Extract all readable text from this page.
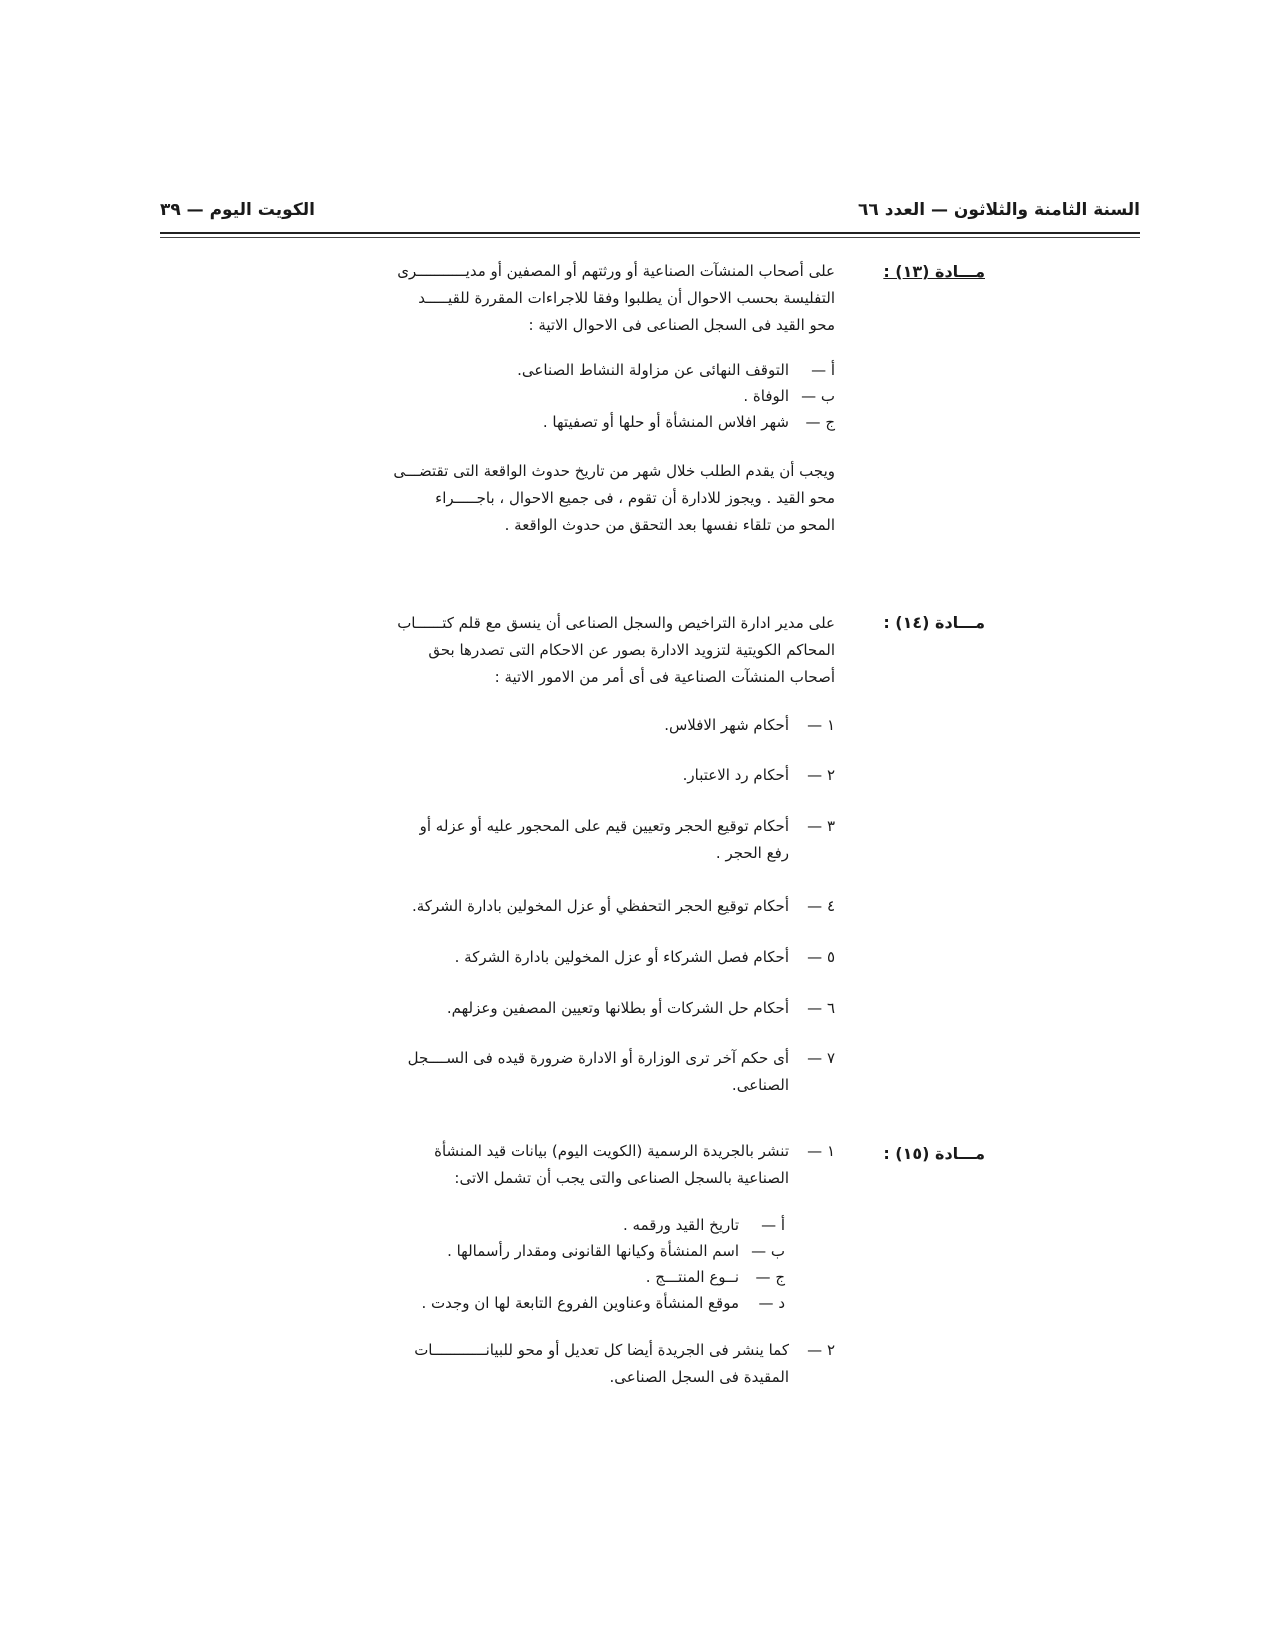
السنة الثامنة والثلاثون — العدد ٦٦
الكويت اليوم — ٣٩
مـــادة (١٣) :
على أصحاب المنشآت الصناعية أو ورثتهم أو المصفين أو مديـــــــــــرى
التفليسة بحسب الاحوال أن يطلبوا وفقا للاجراءات المقررة للقيـــــد
محو القيد فى السجل الصناعى فى الاحوال الاتية :
أ —التوقف النهائى عن مزاولة النشاط الصناعى.
ب —الوفاة .
ج —شهر افلاس المنشأة أو حلها أو تصفيتها .
ويجب أن يقدم الطلب خلال شهر من تاريخ حدوث الواقعة التى تقتضـــى
محو القيد . ويجوز للادارة أن تقوم ، فى جميع الاحوال ، باجـــــراء
المحو من تلقاء نفسها بعد التحقق من حدوث الواقعة .
مـــادة (١٤) :
على مدير ادارة التراخيص والسجل الصناعى أن ينسق مع قلم كتــــــاب
المحاكم الكويتية لتزويد الادارة بصور عن الاحكام التى تصدرها بحق
أصحاب المنشآت الصناعية فى أى أمر من الامور الاتية :
١ —أحكام شهر الافلاس.
٢ —أحكام رد الاعتبار.
٣ —أحكام توقيع الحجر وتعيين قيم على المحجور عليه أو عزله أو
رفع الحجر .
٤ —أحكام توقيع الحجر التحفظي أو عزل المخولين بادارة الشركة.
٥ —أحكام فصل الشركاء أو عزل المخولين بادارة الشركة .
٦ —أحكام حل الشركات أو بطلانها وتعيين المصفين وعزلهم.
٧ —أى حكم آخر ترى الوزارة أو الادارة ضرورة قيده فى الســــجل
الصناعى.
مـــادة (١٥) :
١ —تنشر بالجريدة الرسمية (الكويت اليوم) بيانات قيد المنشأة
الصناعية بالسجل الصناعى والتى يجب أن تشمل الاتى:
أ —تاريخ القيد ورقمه .
ب —اسم المنشأة وكيانها القانونى ومقدار رأسمالها .
ج —نــوع المنتـــج .
د —موقع المنشأة وعناوين الفروع التابعة لها ان وجدت .
٢ —كما ينشر فى الجريدة أيضا كل تعديل أو محو للبيانــــــــــــات
المقيدة فى السجل الصناعى.
